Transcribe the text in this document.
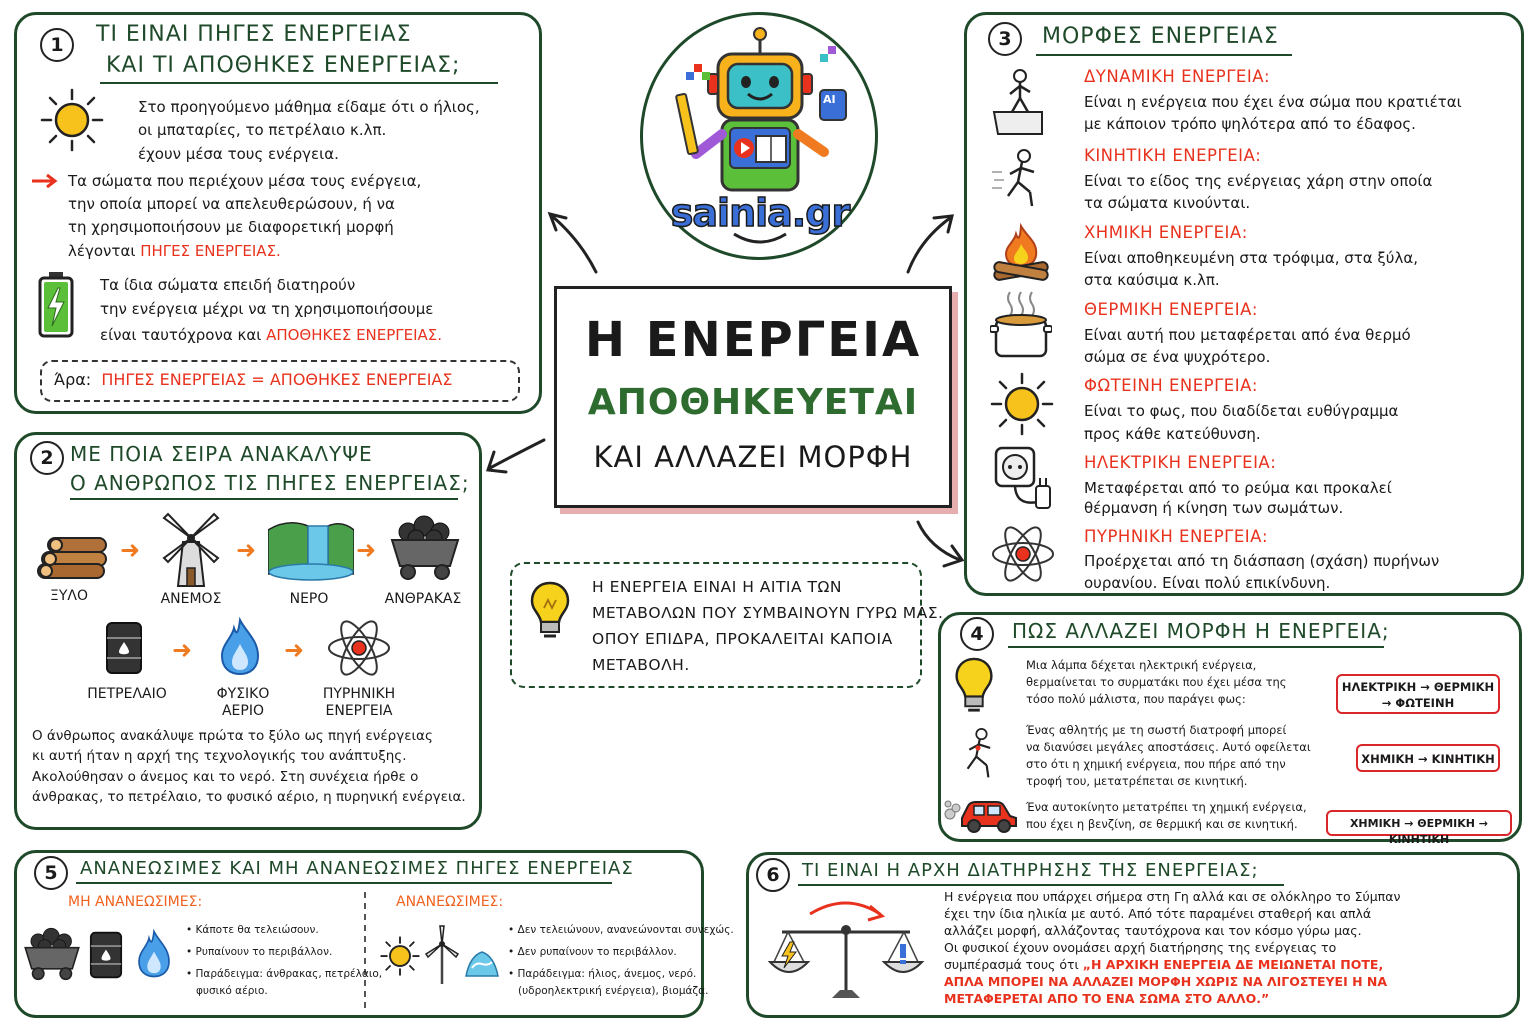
1	ΤΙ ΕΙΝΑΙ ΠΗΓΕΣ ΕΝΕΡΓΕΙΑΣ
ΚΑΙ ΤΙ ΑΠΟΘΗΚΕΣ ΕΝΕΡΓΕΙΑΣ;
Στο προηγούμενο μάθημα είδαμε ότι ο ήλιος,
οι μπαταρίες, το πετρέλαιο κ.λπ.
έχουν μέσα τους ενέργεια.
Τα σώματα που περιέχουν μέσα τους ενέργεια,
την οποία μπορεί να απελευθερώσουν, ή να
τη χρησιμοποιήσουν με διαφορετική μορφή
λέγονται ΠΗΓΕΣ ΕΝΕΡΓΕΙΑΣ.
Τα ίδια σώματα επειδή διατηρούν
την ενέργεια μέχρι να τη χρησιμοποιήσουμε
είναι ταυτόχρονα και ΑΠΟΘΗΚΕΣ ΕΝΕΡΓΕΙΑΣ.
Άρα: ΠΗΓΕΣ ΕΝΕΡΓΕΙΑΣ = ΑΠΟΘΗΚΕΣ ΕΝΕΡΓΕΙΑΣ
AI
sainia.gr
Η ΕΝΕΡΓΕΙΑ
ΑΠΟΘΗΚΕΥΕΤΑΙ
ΚΑΙ ΑΛΛΑΖΕΙ ΜΟΡΦΗ
Η ΕΝΕΡΓΕΙΑ ΕΙΝΑΙ Η ΑΙΤΙΑ ΤΩΝ
ΜΕΤΑΒΟΛΩΝ ΠΟΥ ΣΥΜΒΑΙΝΟΥΝ ΓΥΡΩ ΜΑΣ.
ΟΠΟΥ ΕΠΙΔΡΑ, ΠΡΟΚΑΛΕΙΤΑΙ ΚΑΠΟΙΑ
ΜΕΤΑΒΟΛΗ.
2 ΜΕ ΠΟΙΑ ΣΕΙΡΑ ΑΝΑΚΑΛΥΨΕ
Ο ΑΝΘΡΩΠΟΣ ΤΙΣ ΠΗΓΕΣ ΕΝΕΡΓΕΙΑΣ;
➜	➜	➜
ΞΥΛΟ	ΑΝΕΜΟΣ	ΝΕΡΟ	ΑΝΘΡΑΚΑΣ
➜	➜
ΠΕΤΡΕΛΑΙΟ	ΦΥΣΙΚΟ
ΑΕΡΙΟ
ΠΥΡΗΝΙΚΗ
ΕΝΕΡΓΕΙΑ
Ο άνθρωπος ανακάλυψε πρώτα το ξύλο ως πηγή ενέργειας
κι αυτή ήταν η αρχή της τεχνολογικής του ανάπτυξης.
Ακολούθησαν ο άνεμος και το νερό. Στη συνέχεια ήρθε ο
άνθρακας, το πετρέλαιο, το φυσικό αέριο, η πυρηνική ενέργεια.
3	ΜΟΡΦΕΣ ΕΝΕΡΓΕΙΑΣ
ΔΥΝΑΜΙΚΗ ΕΝΕΡΓΕΙΑ:
Είναι η ενέργεια που έχει ένα σώμα που κρατιέται
με κάποιον τρόπο ψηλότερα από το έδαφος.
ΚΙΝΗΤΙΚΗ ΕΝΕΡΓΕΙΑ:
Είναι το είδος της ενέργειας χάρη στην οποία
τα σώματα κινούνται.
ΧΗΜΙΚΗ ΕΝΕΡΓΕΙΑ:
Είναι αποθηκευμένη στα τρόφιμα, στα ξύλα,
στα καύσιμα κ.λπ.
ΘΕΡΜΙΚΗ ΕΝΕΡΓΕΙΑ:
Είναι αυτή που μεταφέρεται από ένα θερμό
σώμα σε ένα ψυχρότερο.
ΦΩΤΕΙΝΗ ΕΝΕΡΓΕΙΑ:
Είναι το φως, που διαδίδεται ευθύγραμμα
προς κάθε κατεύθυνση.
ΗΛΕΚΤΡΙΚΗ ΕΝΕΡΓΕΙΑ:
Μεταφέρεται από το ρεύμα και προκαλεί
θέρμανση ή κίνηση των σωμάτων.
ΠΥΡΗΝΙΚΗ ΕΝΕΡΓΕΙΑ:
Προέρχεται από τη διάσπαση (σχάση) πυρήνων
ουρανίου. Είναι πολύ επικίνδυνη.
4	ΠΩΣ ΑΛΛΑΖΕΙ ΜΟΡΦΗ Η ΕΝΕΡΓΕΙΑ;
Μια λάμπα δέχεται ηλεκτρική ενέργεια,
θερμαίνεται το συρματάκι που έχει μέσα της
τόσο πολύ μάλιστα, που παράγει φως:
ΗΛΕΚΤΡΙΚΗ → ΘΕΡΜΙΚΗ
→ ΦΩΤΕΙΝΗ
Ένας αθλητής με τη σωστή διατροφή μπορεί
να διανύσει μεγάλες αποστάσεις. Αυτό οφείλεται
στο ότι η χημική ενέργεια, που πήρε από την
τροφή του, μετατρέπεται σε κινητική.
ΧΗΜΙΚΗ → ΚΙΝΗΤΙΚΗ
Ένα αυτοκίνητο μετατρέπει τη χημική ενέργεια,
που έχει η βενζίνη, σε θερμική και σε κινητική.	ΧΗΜΙΚΗ → ΘΕΡΜΙΚΗ → ΚΙΝΗΤΙΚΗ
5	ΑΝΑΝΕΩΣΙΜΕΣ ΚΑΙ ΜΗ ΑΝΑΝΕΩΣΙΜΕΣ ΠΗΓΕΣ ΕΝΕΡΓΕΙΑΣ
ΜΗ ΑΝΑΝΕΩΣΙΜΕΣ:	ΑΝΑΝΕΩΣΙΜΕΣ:
• Κάποτε θα τελειώσουν.
• Ρυπαίνουν το περιβάλλον.
• Παράδειγμα: άνθρακας, πετρέλαιο,
φυσικό αέριο.
• Δεν τελειώνουν, ανανεώνονται συνεχώς.
• Δεν ρυπαίνουν το περιβάλλον.
• Παράδειγμα: ήλιος, άνεμος, νερό.
(υδροηλεκτρική ενέργεια), βιομάζα.
6	ΤΙ ΕΙΝΑΙ Η ΑΡΧΗ ΔΙΑΤΗΡΗΣΗΣ ΤΗΣ ΕΝΕΡΓΕΙΑΣ;
Η ενέργεια που υπάρχει σήμερα στη Γη αλλά και σε ολόκληρο το Σύμπαν
έχει την ίδια ηλικία με αυτό. Από τότε παραμένει σταθερή και απλά
αλλάζει μορφή, αλλάζοντας ταυτόχρονα και τον κόσμο γύρω μας.
Οι φυσικοί έχουν ονομάσει αρχή διατήρησης της ενέργειας το
συμπέρασμά τους ότι „Η ΑΡΧΙΚΗ ΕΝΕΡΓΕΙΑ ΔΕ ΜΕΙΩΝΕΤΑΙ ΠΟΤΕ,
ΑΠΛΑ ΜΠΟΡΕΙ ΝΑ ΑΛΛΑΖΕΙ ΜΟΡΦΗ ΧΩΡΙΣ ΝΑ ΛΙΓΟΣΤΕΥΕΙ Η ΝΑ
ΜΕΤΑΦΕΡΕΤΑΙ ΑΠΟ ΤΟ ΕΝΑ ΣΩΜΑ ΣΤΟ ΑΛΛΟ.”
